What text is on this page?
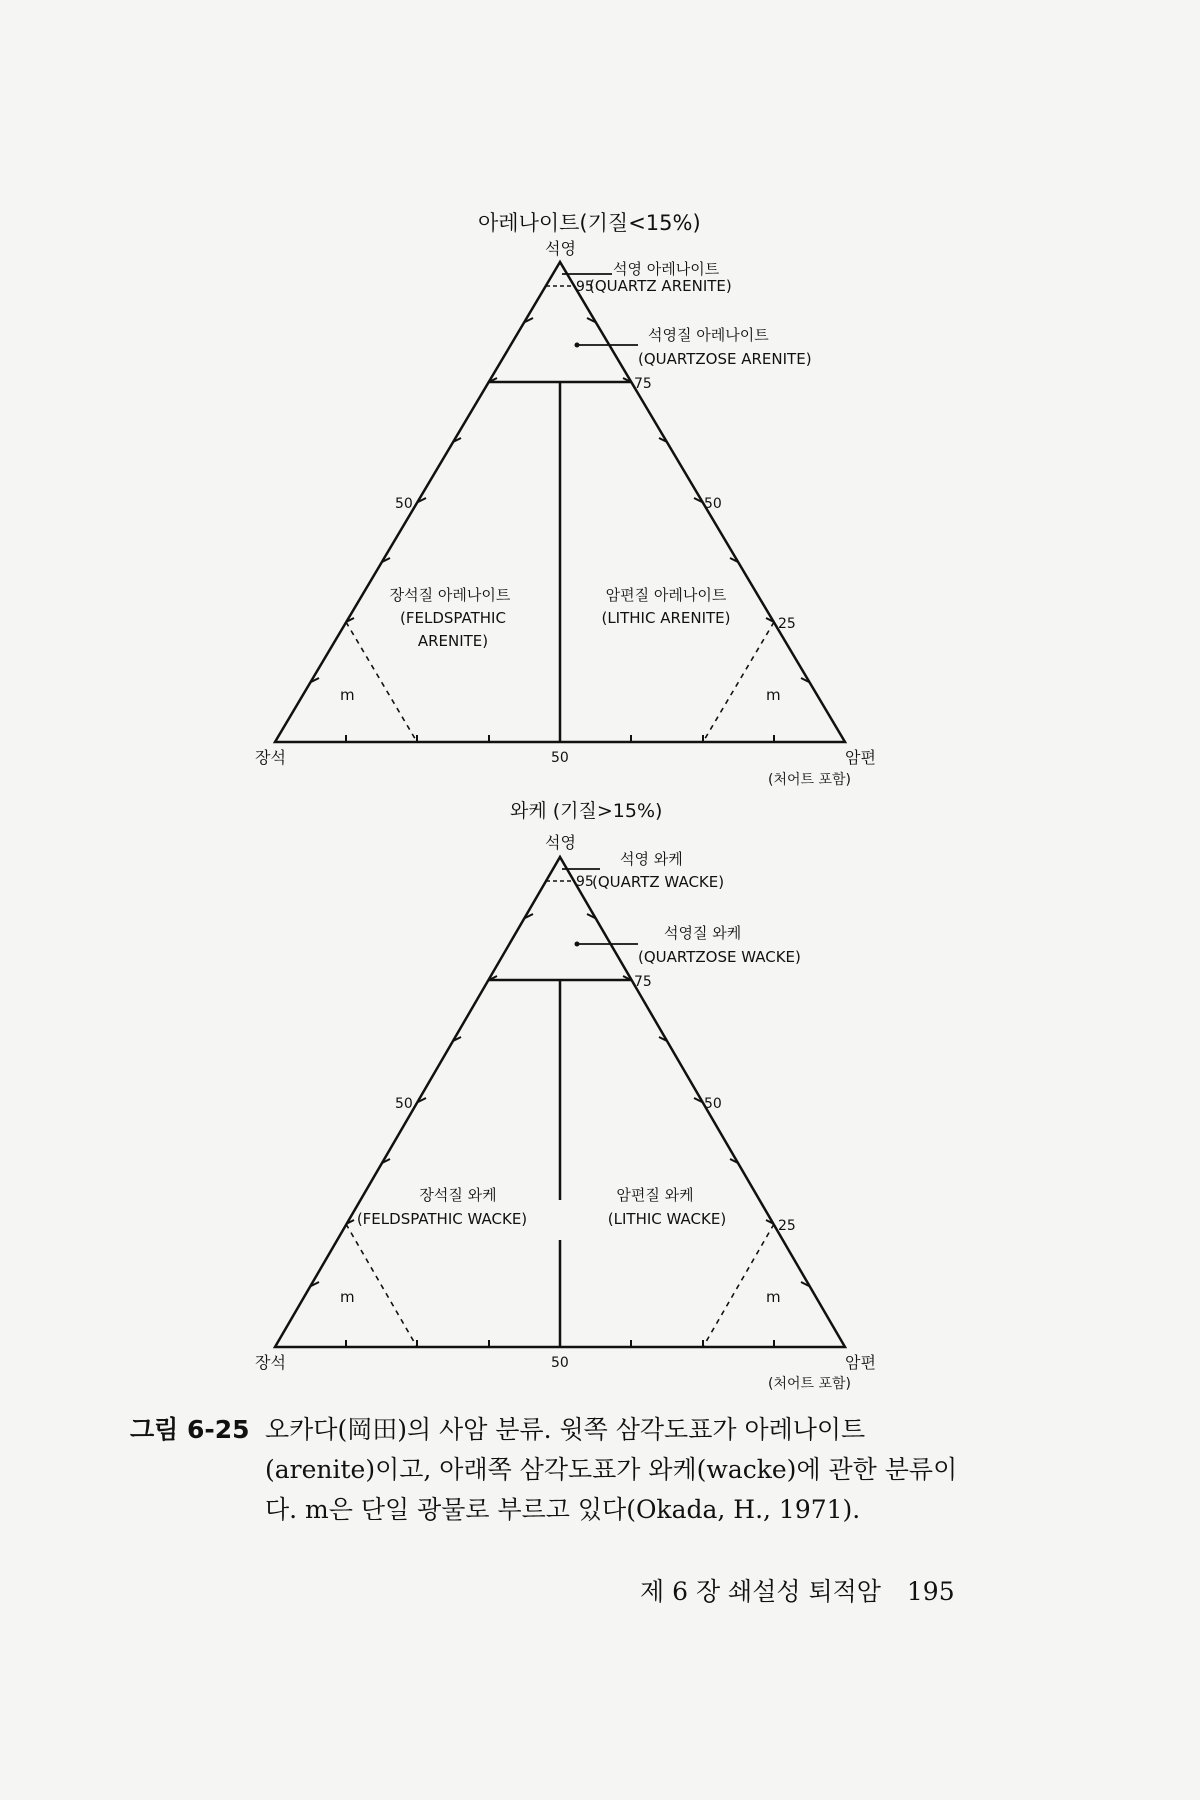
아레나이트(기질<15%)
석영
95
75
50	50
25
50
장석	암편
(처어트 포함)
석영 아레나이트
(QUARTZ ARENITE)
석영질 아레나이트
(QUARTZOSE ARENITE)
장석질 아레나이트
(FELDSPATHIC
ARENITE)
암편질 아레나이트
(LITHIC ARENITE)
m	m
와케 (기질>15%)
석영
95
75
50	50
25
50
장석	암편
(처어트 포함)
석영 와케
(QUARTZ WACKE)
석영질 와케
(QUARTZOSE WACKE)
장석질 와케
(FELDSPATHIC WACKE)
암편질 와케
(LITHIC WACKE)
m	m
그림 6-25 오카다(岡田)의 사암 분류. 윗쪽 삼각도표가 아레나이트
(arenite)이고, 아래쪽 삼각도표가 와케(wacke)에 관한 분류이
다. m은 단일 광물로 부르고 있다(Okada, H., 1971).
제 6 장 쇄설성 퇴적암 195
